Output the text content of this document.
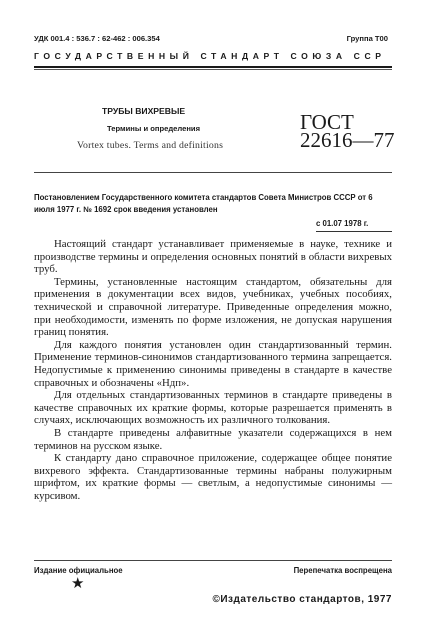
УДК 001.4 : 536.7 : 62-462 : 006.354	Группа Т00
ГОСУДАРСТВЕННЫЙ СТАНДАРТ СОЮЗА ССР
ТРУБЫ ВИХРЕВЫЕ
Термины и определения
Vortex tubes. Terms and definitions
ГОСТ
22616—77
Постановлением Государственного комитета стандартов Совета Министров СССР от 6 июля 1977 г. № 1692 срок введения установлен
с 01.07 1978 г.

Настоящий стандарт устанавливает применяемые в науке, технике и производстве термины и определения основных понятий в области вихревых труб.

Термины, установленные настоящим стандартом, обязательны для применения в документации всех видов, учебниках, учебных пособиях, технической и справочной литературе. Приведенные определения можно, при необходимости, изменять по форме изложения, не допуская нарушения границ понятия.

Для каждого понятия установлен один стандартизованный термин. Применение терминов-синонимов стандартизованного термина запрещается. Недопустимые к применению синонимы приведены в стандарте в качестве справочных и обозначены «Ндп».

Для отдельных стандартизованных терминов в стандарте приведены в качестве справочных их краткие формы, которые разрешается применять в случаях, исключающих возможность их различного толкования.

В стандарте приведены алфавитные указатели содержащихся в нем терминов на русском языке.

К стандарту дано справочное приложение, содержащее общее понятие вихревого эффекта. Стандартизованные термины набраны полужирным шрифтом, их краткие формы — светлым, а недопустимые синонимы — курсивом.

Издание официальное	Перепечатка воспрещена
★
©Издательство стандартов, 1977
